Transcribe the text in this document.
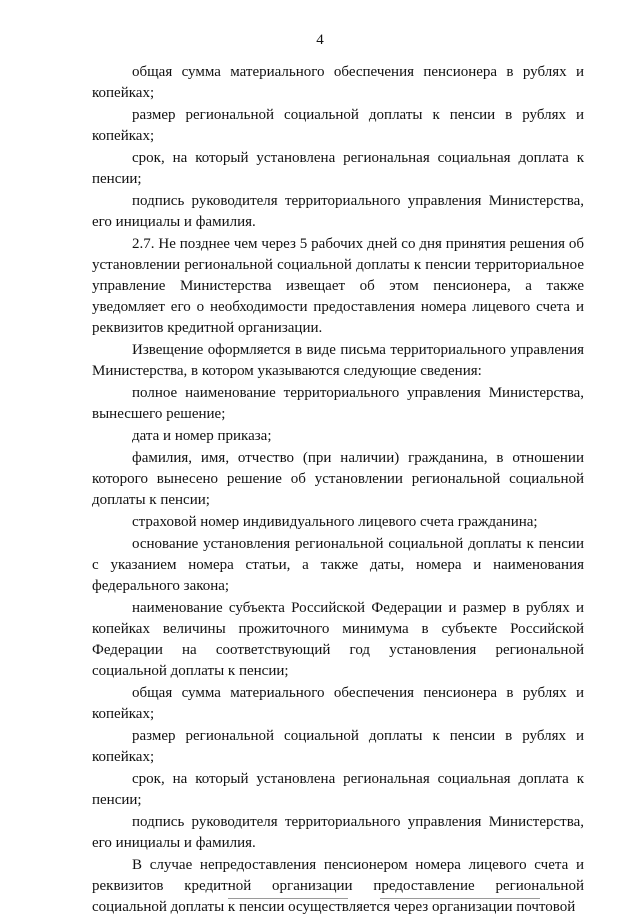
4

общая сумма материального обеспечения пенсионера в рублях и копейках;

размер региональной социальной доплаты к пенсии в рублях и копейках;

срок, на который установлена региональная социальная доплата к пенсии;

подпись руководителя территориального управления Министерства, его инициалы и фамилия.

2.7. Не позднее чем через 5 рабочих дней со дня принятия решения об установлении региональной социальной доплаты к пенсии территориальное управление Министерства извещает об этом пенсионера, а также уведомляет его о необходимости предоставления номера лицевого счета и реквизитов кредитной организации.

Извещение оформляется в виде письма территориального управления Министерства, в котором указываются следующие сведения:

полное наименование территориального управления Министерства, вынесшего решение;

дата и номер приказа;

фамилия, имя, отчество (при наличии) гражданина, в отношении которого вынесено решение об установлении региональной социальной доплаты к пенсии;

страховой номер индивидуального лицевого счета гражданина;

основание установления региональной социальной доплаты к пенсии с указанием номера статьи, а также даты, номера и наименования федерального закона;

наименование субъекта Российской Федерации и размер в рублях и копейках величины прожиточного минимума в субъекте Российской Федерации на соответствующий год установления региональной социальной доплаты к пенсии;

общая сумма материального обеспечения пенсионера в рублях и копейках;

размер региональной социальной доплаты к пенсии в рублях и копейках;

срок, на который установлена региональная социальная доплата к пенсии;

подпись руководителя территориального управления Министерства, его инициалы и фамилия.

В случае непредоставления пенсионером номера лицевого счета и реквизитов кредитной организации предоставление региональной социальной доплаты к пенсии осуществляется через организации почтовой
